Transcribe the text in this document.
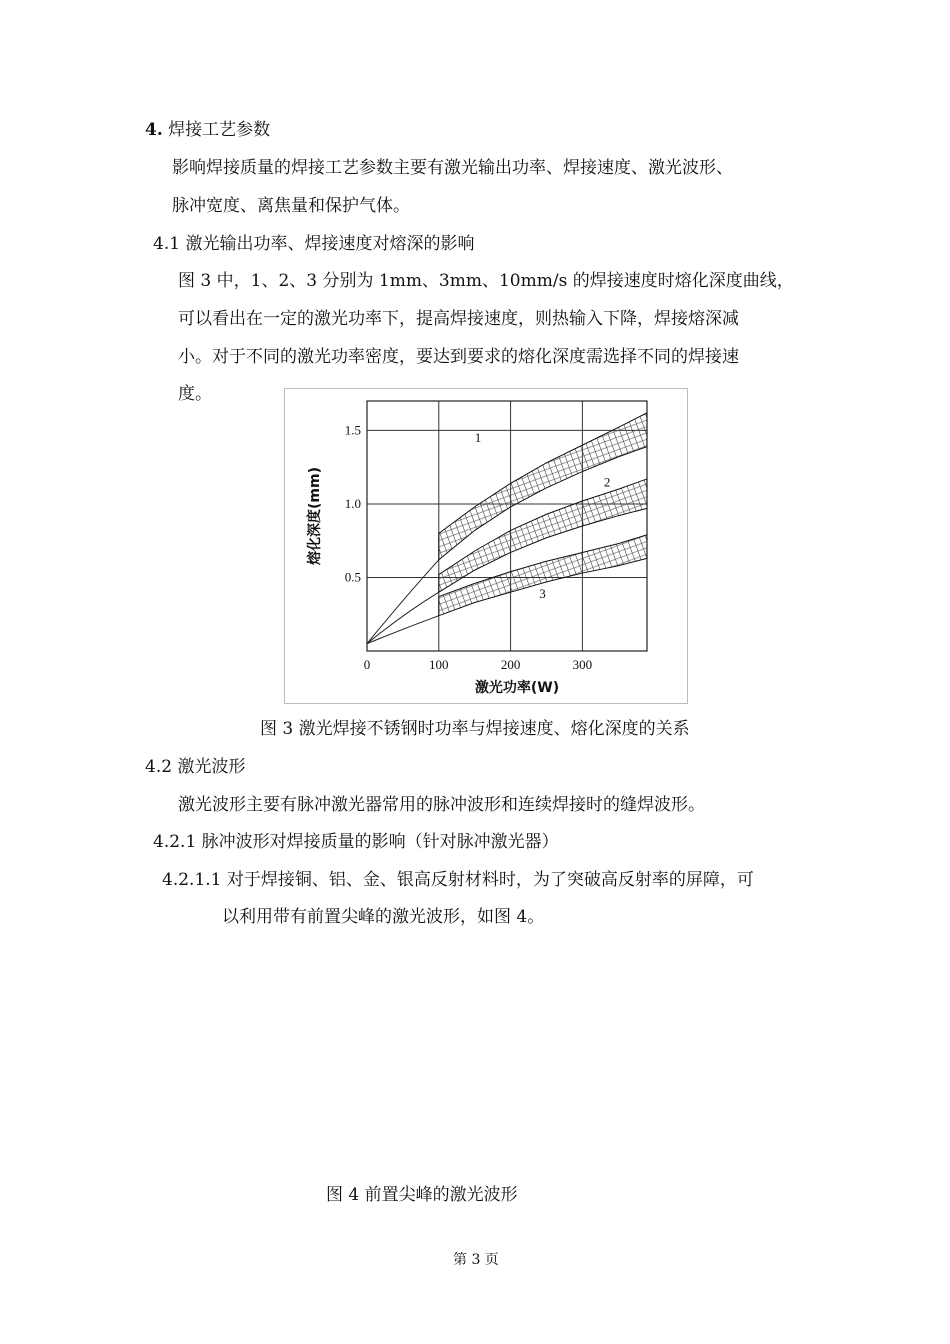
4. 焊接工艺参数
影响焊接质量的焊接工艺参数主要有激光输出功率、焊接速度、激光波形、
脉冲宽度、离焦量和保护气体。
4.1 激光输出功率、焊接速度对熔深的影响
图 3 中，1、2、3 分别为 1mm、3mm、10mm/s 的焊接速度时熔化深度曲线，
可以看出在一定的激光功率下，提高焊接速度，则热输入下降，焊接熔深减
小。对于不同的激光功率密度，要达到要求的熔化深度需选择不同的焊接速
度。
0	100	200	300
0.5
1.0
1.5
激光功率(W)
熔化深度(mm)
1
2
3
图 3 激光焊接不锈钢时功率与焊接速度、熔化深度的关系
4.2 激光波形
激光波形主要有脉冲激光器常用的脉冲波形和连续焊接时的缝焊波形。
4.2.1 脉冲波形对焊接质量的影响（针对脉冲激光器）
4.2.1.1 对于焊接铜、铝、金、银高反射材料时，为了突破高反射率的屏障，可
以利用带有前置尖峰的激光波形，如图 4。
图 4 前置尖峰的激光波形
第 3 页
